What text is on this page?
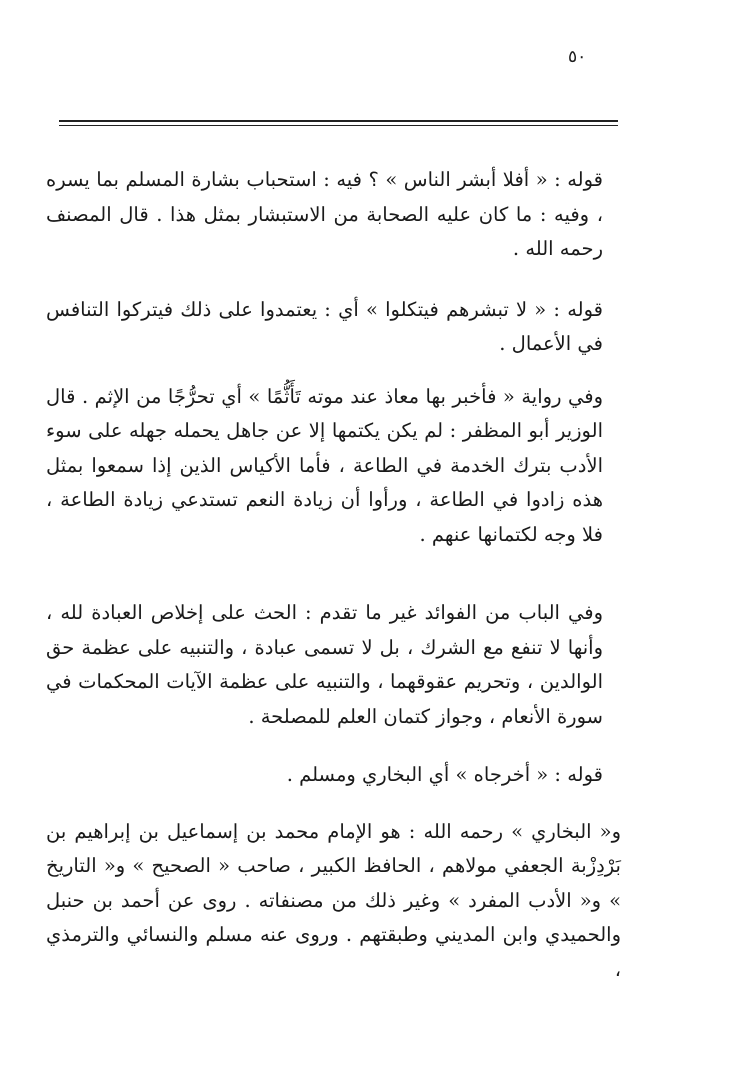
٥٠

قوله : « أفلا أبشر الناس » ؟ فيه : استحباب بشارة المسلم بما يسره ، وفيه : ما كان عليه الصحابة من الاستبشار بمثل هذا . قال المصنف رحمه الله .

قوله : « لا تبشرهم فيتكلوا » أي : يعتمدوا على ذلك فيتركوا التنافس في الأعمال .

وفي رواية « فأخبر بها معاذ عند موته تَأَثُّمًا » أي تحرُّجًا من الإثم . قال الوزير أبو المظفر : لم يكن يكتمها إلا عن جاهل يحمله جهله على سوء الأدب بترك الخدمة في الطاعة ، فأما الأكياس الذين إذا سمعوا بمثل هذه زادوا في الطاعة ، ورأوا أن زيادة النعم تستدعي زيادة الطاعة ، فلا وجه لكتمانها عنهم .

وفي الباب من الفوائد غير ما تقدم : الحث على إخلاص العبادة لله ، وأنها لا تنفع مع الشرك ، بل لا تسمى عبادة ، والتنبيه على عظمة حق الوالدين ، وتحريم عقوقهما ، والتنبيه على عظمة الآيات المحكمات في سورة الأنعام ، وجواز كتمان العلم للمصلحة .

قوله : « أخرجاه » أي البخاري ومسلم .

و« البخاري » رحمه الله : هو الإمام محمد بن إسماعيل بن إبراهيم بن بَرْدِزْبة الجعفي مولاهم ، الحافظ الكبير ، صاحب « الصحيح » و« التاريخ » و« الأدب المفرد » وغير ذلك من مصنفاته . روى عن أحمد بن حنبل والحميدي وابن المديني وطبقتهم . وروى عنه مسلم والنسائي والترمذي ،
